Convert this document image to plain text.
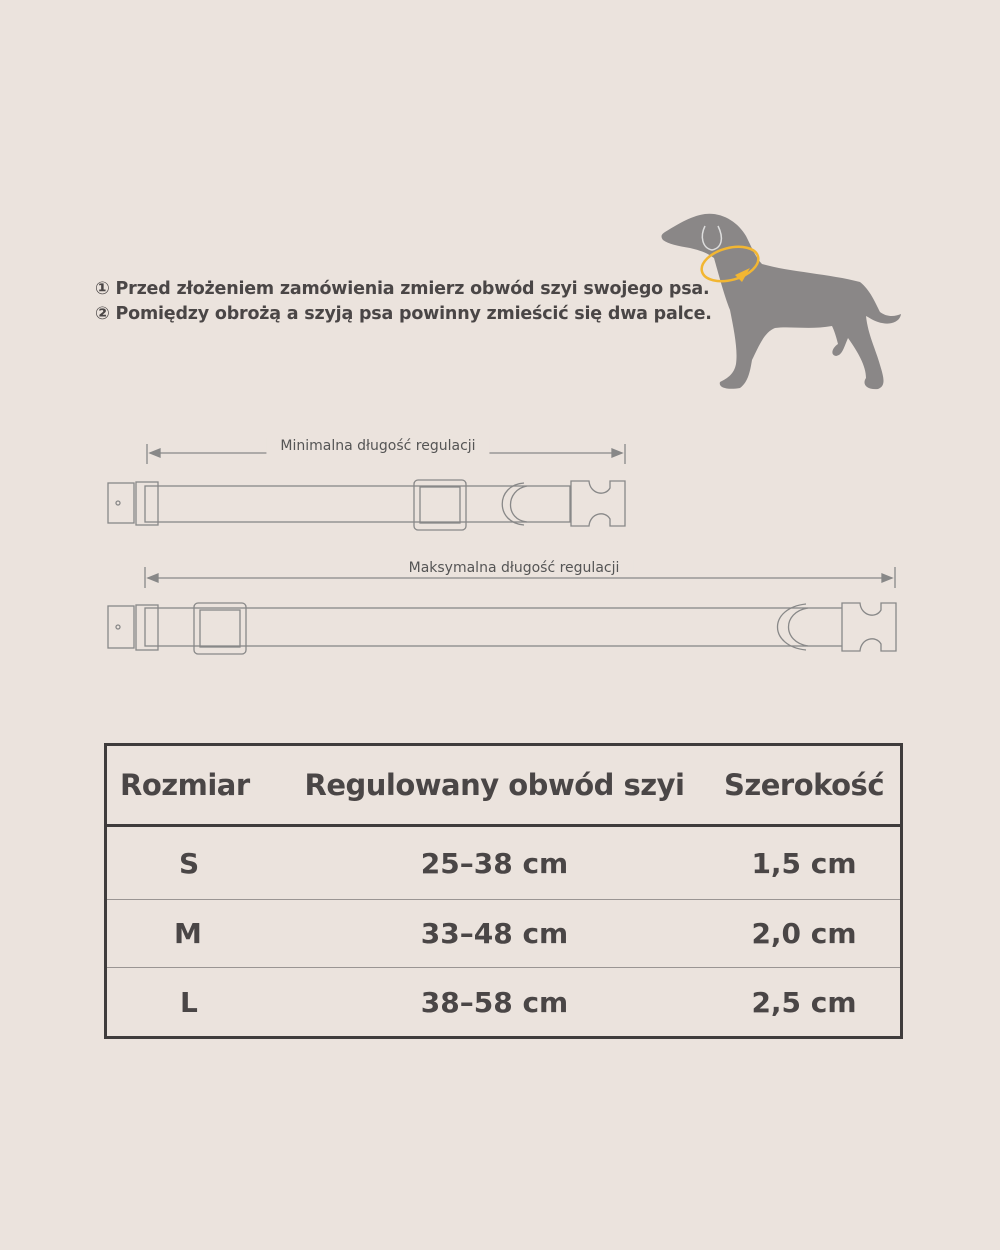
① Przed złożeniem zamówienia zmierz obwód szyi swojego psa.
② Pomiędzy obrożą a szyją psa powinny zmieścić się dwa palce.
Minimalna długość regulacji
Maksymalna długość regulacji
Rozmiar	Regulowany obwód szyi	Szerokość
S	25–38 cm	1,5 cm
M	33–48 cm	2,0 cm
L	38–58 cm	2,5 cm
